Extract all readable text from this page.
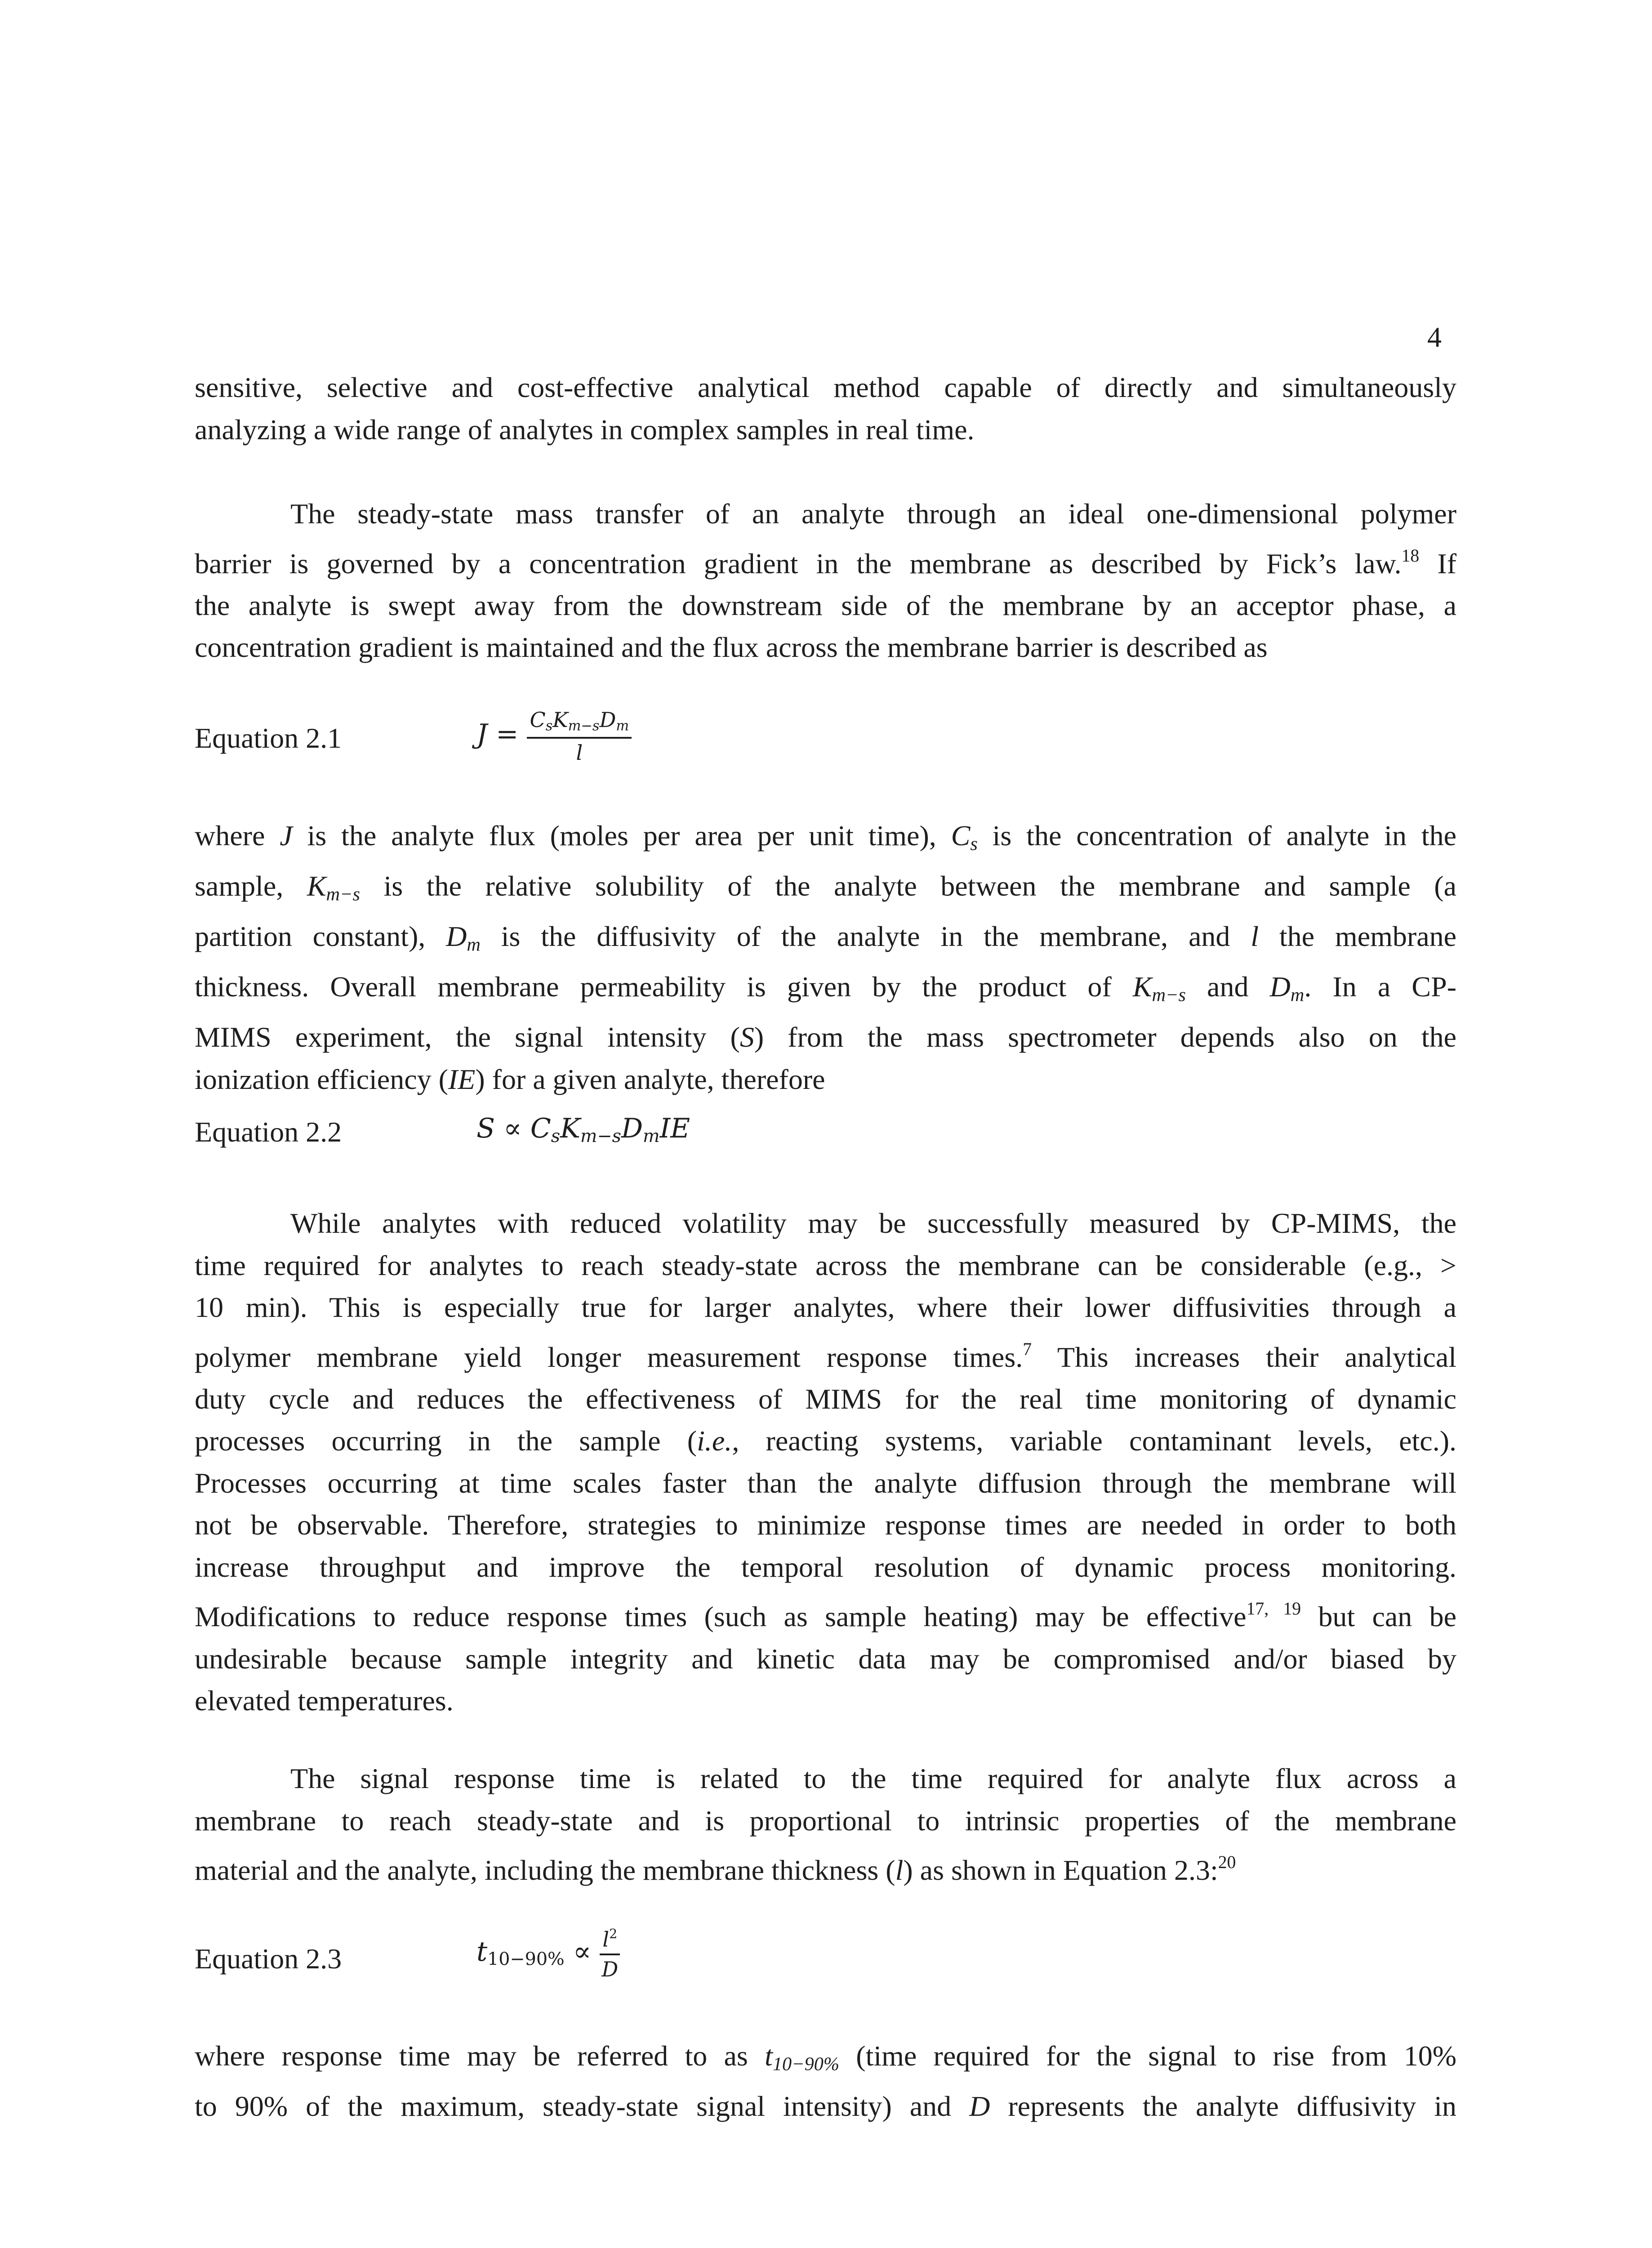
4
sensitive, selective and cost-effective analytical method capable of directly and simultaneously
analyzing a wide range of analytes in complex samples in real time.
The steady-state mass transfer of an analyte through an ideal one-dimensional polymer
barrier is governed by a concentration gradient in the membrane as described by Fick’s law.$^{18}$ If
the analyte is swept away from the downstream side of the membrane by an acceptor phase, a
concentration gradient is maintained and the flux across the membrane barrier is described as
Equation 2.1	$J = \frac{C_sK_{m-s}D_m}{l}$
where J is the analyte flux (moles per area per unit time), $C_s$ is the concentration of analyte in the
sample, $K_{m-s}$ is the relative solubility of the analyte between the membrane and sample (a
partition constant), $D_m$ is the diffusivity of the analyte in the membrane, and l the membrane
thickness. Overall membrane permeability is given by the product of $K_{m-s}$ and $D_m$. In a CP-
MIMS experiment, the signal intensity (S) from the mass spectrometer depends also on the
ionization efficiency (IE) for a given analyte, therefore
Equation 2.2	$S \propto C_sK_{m-s}D_mIE$
While analytes with reduced volatility may be successfully measured by CP-MIMS, the
time required for analytes to reach steady-state across the membrane can be considerable (e.g., >
10 min). This is especially true for larger analytes, where their lower diffusivities through a
polymer membrane yield longer measurement response times.$^7$ This increases their analytical
duty cycle and reduces the effectiveness of MIMS for the real time monitoring of dynamic
processes occurring in the sample (i.e., reacting systems, variable contaminant levels, etc.).
Processes occurring at time scales faster than the analyte diffusion through the membrane will
not be observable. Therefore, strategies to minimize response times are needed in order to both
increase throughput and improve the temporal resolution of dynamic process monitoring.
Modifications to reduce response times (such as sample heating) may be effective$^{17, 19}$ but can be
undesirable because sample integrity and kinetic data may be compromised and/or biased by
elevated temperatures.
The signal response time is related to the time required for analyte flux across a
membrane to reach steady-state and is proportional to intrinsic properties of the membrane
material and the analyte, including the membrane thickness (l) as shown in Equation 2.3:$^{20}$
Equation 2.3	$t_{10-90\%} \propto \frac{l^2}{D}$
where response time may be referred to as $t_{10-90\%}$ (time required for the signal to rise from 10%
to 90% of the maximum, steady-state signal intensity) and D represents the analyte diffusivity in
